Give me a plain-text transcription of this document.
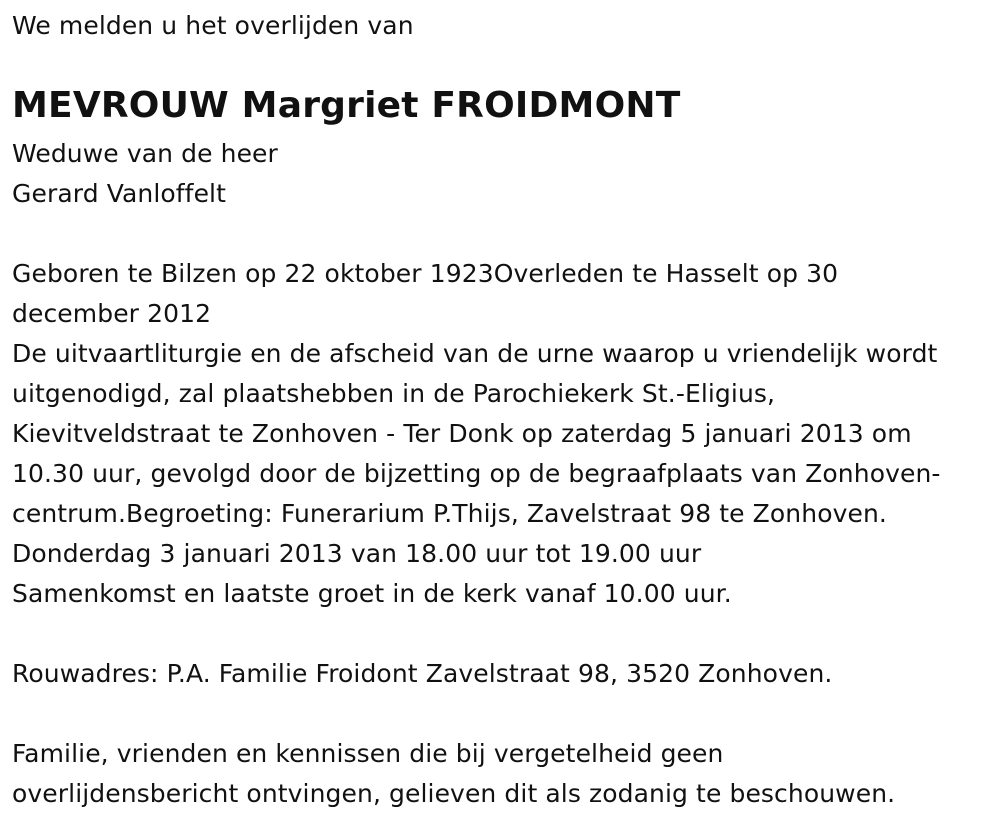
We melden u het overlijden van
MEVROUW Margriet FROIDMONT
Weduwe van de heer
Gerard Vanloffelt
Geboren te Bilzen op 22 oktober 1923Overleden te Hasselt op 30
december 2012
De uitvaartliturgie en de afscheid van de urne waarop u vriendelijk wordt
uitgenodigd, zal plaatshebben in de Parochiekerk St.-Eligius,
Kievitveldstraat te Zonhoven - Ter Donk op zaterdag 5 januari 2013 om
10.30 uur, gevolgd door de bijzetting op de begraafplaats van Zonhoven-
centrum.Begroeting: Funerarium P.Thijs, Zavelstraat 98 te Zonhoven.
Donderdag 3 januari 2013 van 18.00 uur tot 19.00 uur
Samenkomst en laatste groet in de kerk vanaf 10.00 uur.
Rouwadres: P.A. Familie Froidont Zavelstraat 98, 3520 Zonhoven.
Familie, vrienden en kennissen die bij vergetelheid geen
overlijdensbericht ontvingen, gelieven dit als zodanig te beschouwen.
